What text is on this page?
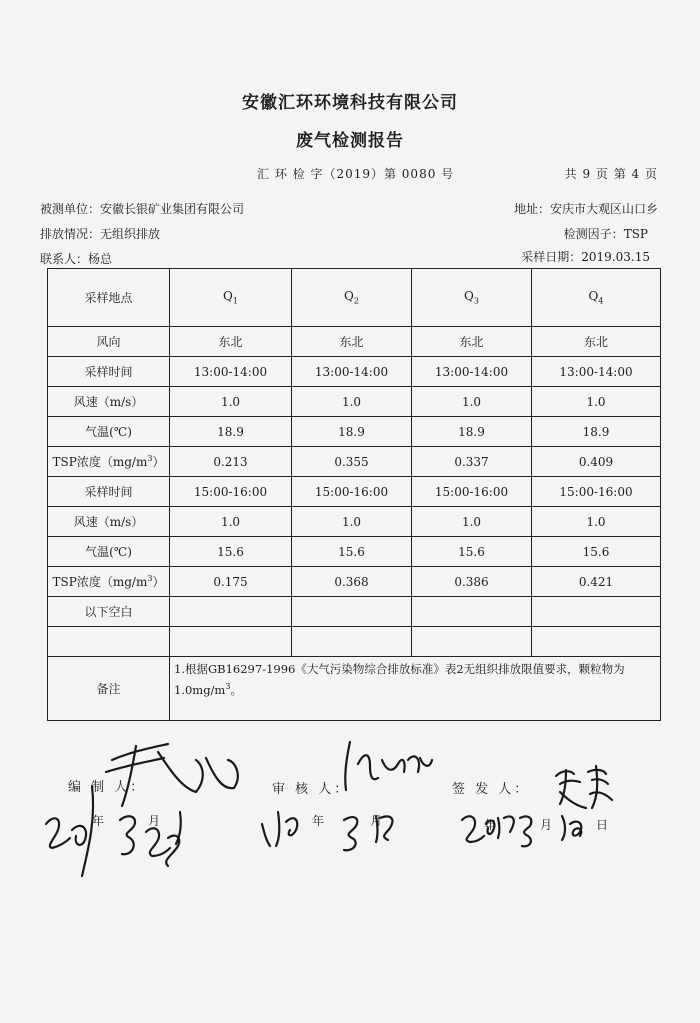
安徽汇环环境科技有限公司
废气检测报告
汇 环 检 字（2019）第 0080 号	共 9 页 第 4 页
被测单位：安徽长银矿业集团有限公司	地址：安庆市大观区山口乡
排放情况：无组织排放	检测因子：TSP
联系人：杨总	采样日期：2019.03.15
采样地点	$Q_1$	$Q_2$	$Q_3$	$Q_4$
风向	东北	东北	东北	东北
采样时间	13:00-14:00	13:00-14:00	13:00-14:00	13:00-14:00
风速（m/s）	1.0	1.0	1.0	1.0
气温(℃)	18.9	18.9	18.9	18.9
TSP浓度$(mg/m^3)$	0.213	0.355	0.337	0.409
采样时间	15:00-16:00	15:00-16:00	15:00-16:00	15:00-16:00
风速（m/s）	1.0	1.0	1.0	1.0
气温(℃)	15.6	15.6	15.6	15.6
TSP浓度$(mg/m^3)$	0.175	0.368	0.386	0.421
以下空白				

备注	1.根据GB16297-1996《大气污染物综合排放标准》表2无组织排放限值要求，颗粒物为
$1.0mg/m^3$。			
编 制 人：	审 核 人：	签 发 人：
年	月	年	月	年	月	日
